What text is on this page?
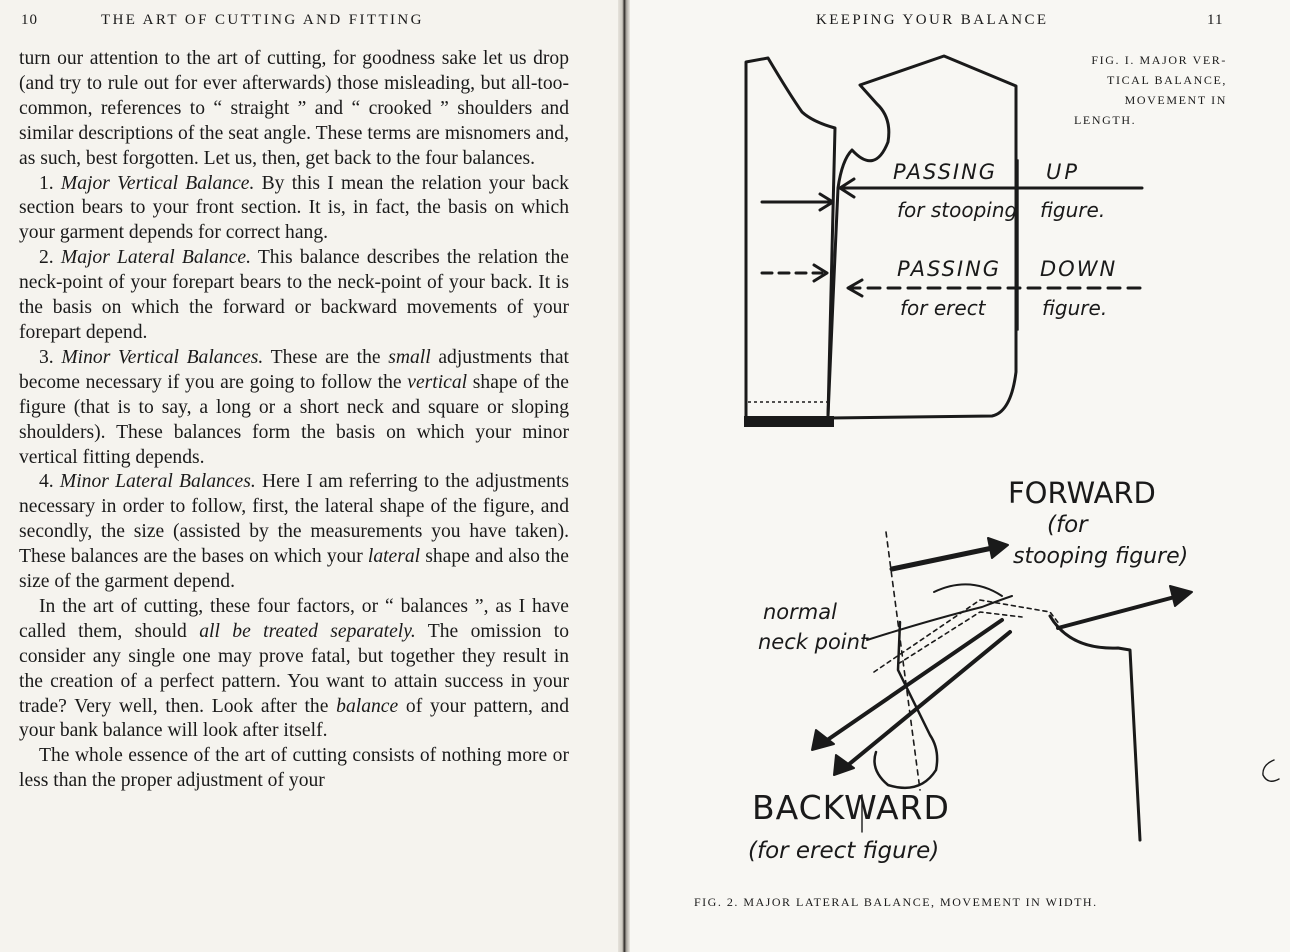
10	THE ART OF CUTTING AND FITTING

turn our attention to the art of cutting, for goodness sake let us drop (and try to rule out for ever afterwards) those misleading, but all-too-common, references to “ straight ” and “ crooked ” shoulders and similar descriptions of the seat angle. These terms are misnomers and, as such, best forgotten. Let us, then, get back to the four balances.

1. Major Vertical Balance. By this I mean the relation your back section bears to your front section. It is, in fact, the basis on which your garment depends for correct hang.

2. Major Lateral Balance. This balance describes the relation the neck-point of your forepart bears to the neck-point of your back. It is the basis on which the forward or backward movements of your forepart depend.

3. Minor Vertical Balances. These are the small adjustments that become necessary if you are going to follow the vertical shape of the figure (that is to say, a long or a short neck and square or sloping shoulders). These balances form the basis on which your minor vertical fitting depends.

4. Minor Lateral Balances. Here I am referring to the adjustments necessary in order to follow, first, the lateral shape of the figure, and secondly, the size (assisted by the measurements you have taken). These balances are the bases on which your lateral shape and also the size of the garment depend.

In the art of cutting, these four factors, or “ balances ”, as I have called them, should all be treated separately. The omission to consider any single one may prove fatal, but together they result in the creation of a perfect pattern. You want to attain success in your trade? Very well, then. Look after the balance of your pattern, and your bank balance will look after itself.

The whole essence of the art of cutting consists of nothing more or less than the proper adjustment of your

KEEPING YOUR BALANCE	11
FIG. I. MAJOR VER-
TICAL BALANCE,
MOVEMENT IN
LENGTH.
PASSING UP
for stooping figure.
PASSING DOWN
for erect	figure.
FORWARD
(for
stooping figure)
normal
neck point
BACKWARD
(for erect figure)
FIG. 2. MAJOR LATERAL BALANCE, MOVEMENT IN WIDTH.
